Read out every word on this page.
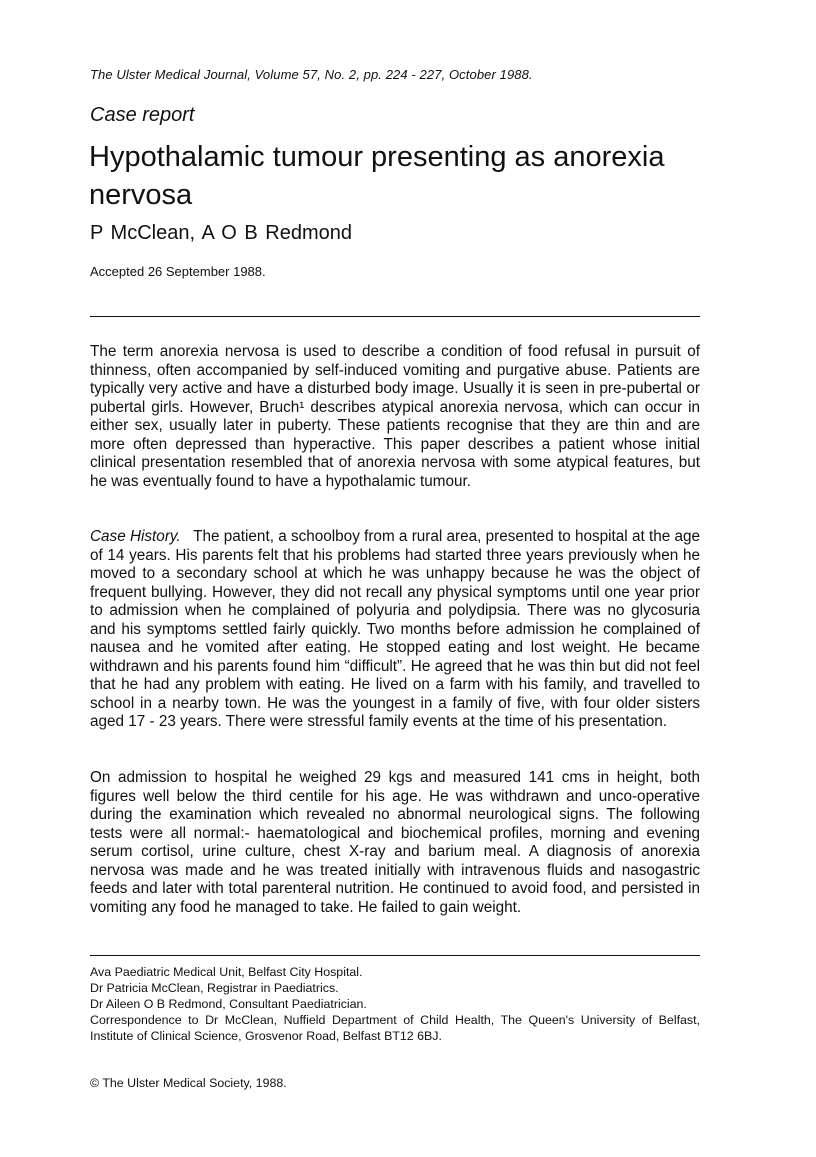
The Ulster Medical Journal, Volume 57, No. 2, pp. 224 - 227, October 1988.
Case report
Hypothalamic tumour presenting as anorexia nervosa
P McClean, A O B Redmond
Accepted 26 September 1988.

The term anorexia nervosa is used to describe a condition of food refusal in pursuit of thinness, often accompanied by self-induced vomiting and purgative abuse. Patients are typically very active and have a disturbed body image. Usually it is seen in pre-pubertal or pubertal girls. However, Bruch¹ describes atypical anorexia nervosa, which can occur in either sex, usually later in puberty. These patients recognise that they are thin and are more often depressed than hyperactive. This paper describes a patient whose initial clinical presentation resembled that of anorexia nervosa with some atypical features, but he was eventually found to have a hypothalamic tumour.

Case History. The patient, a schoolboy from a rural area, presented to hospital at the age of 14 years. His parents felt that his problems had started three years previously when he moved to a secondary school at which he was unhappy because he was the object of frequent bullying. However, they did not recall any physical symptoms until one year prior to admission when he complained of polyuria and polydipsia. There was no glycosuria and his symptoms settled fairly quickly. Two months before admission he complained of nausea and he vomited after eating. He stopped eating and lost weight. He became withdrawn and his parents found him “difficult”. He agreed that he was thin but did not feel that he had any problem with eating. He lived on a farm with his family, and travelled to school in a nearby town. He was the youngest in a family of five, with four older sisters aged 17 - 23 years. There were stressful family events at the time of his presentation.

On admission to hospital he weighed 29 kgs and measured 141 cms in height, both figures well below the third centile for his age. He was withdrawn and unco-operative during the examination which revealed no abnormal neurological signs. The following tests were all normal:- haematological and biochemical profiles, morning and evening serum cortisol, urine culture, chest X-ray and barium meal. A diagnosis of anorexia nervosa was made and he was treated initially with intravenous fluids and nasogastric feeds and later with total parenteral nutrition. He continued to avoid food, and persisted in vomiting any food he managed to take. He failed to gain weight.

Ava Paediatric Medical Unit, Belfast City Hospital.

Dr Patricia McClean, Registrar in Paediatrics.

Dr Aileen O B Redmond, Consultant Paediatrician.

Correspondence to Dr McClean, Nuffield Department of Child Health, The Queen's University of Belfast, Institute of Clinical Science, Grosvenor Road, Belfast BT12 6BJ.

© The Ulster Medical Society, 1988.
